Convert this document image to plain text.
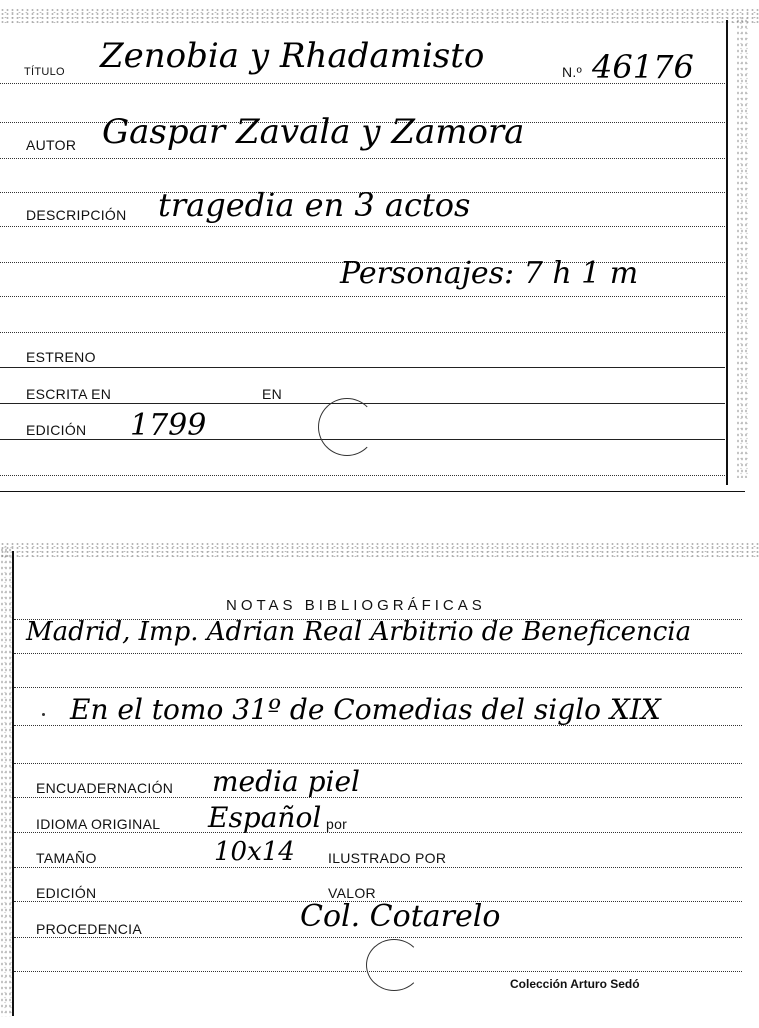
TÍTULO Zenobia y Rhadamisto	N.º 46176
AUTOR Gaspar Zavala y Zamora
DESCRIPCIÓN tragedia en 3 actos
Personajes: 7 h 1 m
ESTRENO
ESCRITA EN	EN
EDICIÓN 1799
NOTAS BIBLIOGRÁFICAS
Madrid, Imp. Adrian Real Arbitrio de Beneficencia
En el tomo 31º de Comedias del siglo XIX
ENCUADERNACIÓN media piel
IDIOMA ORIGINAL Español por
TAMAÑO	10x14 ILUSTRADO POR
EDICIÓN	VALOR
PROCEDENCIA	Col. Cotarelo
Colección Arturo Sedó
